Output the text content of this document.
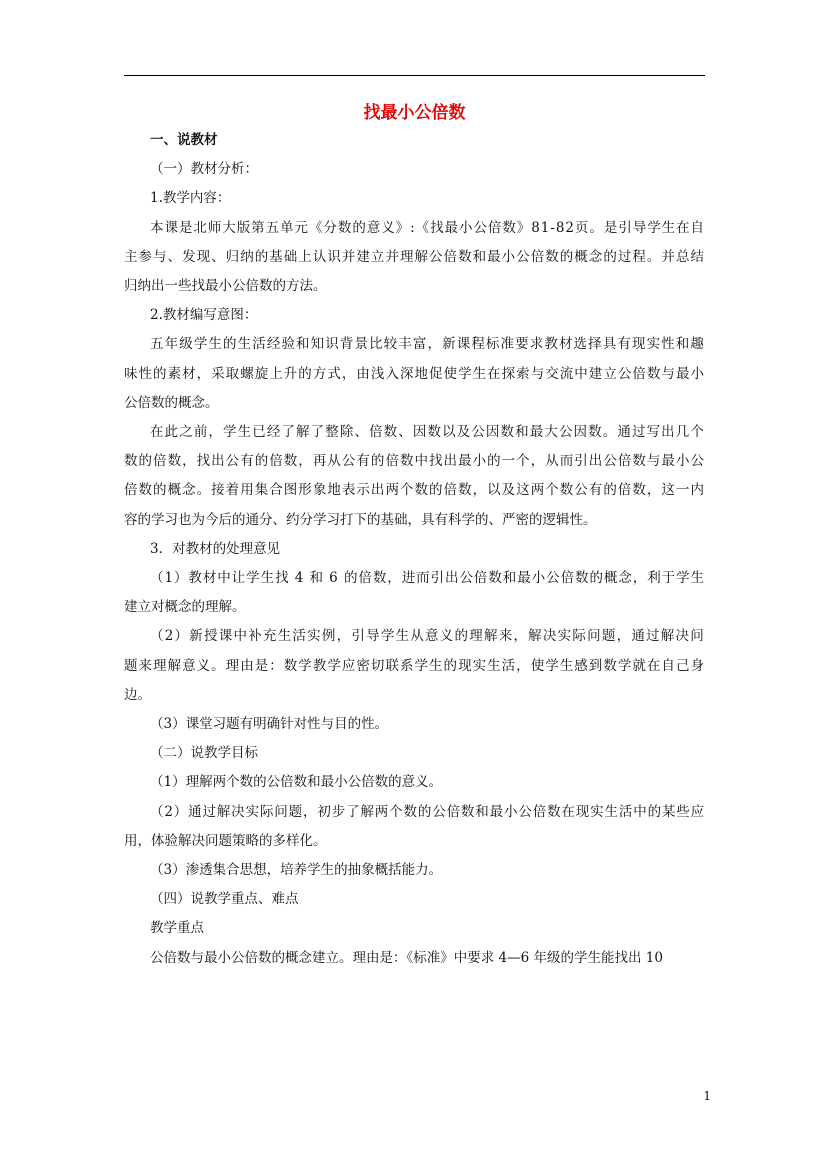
找最小公倍数
一、说教材
（一）教材分析：
1.教学内容：
本课是北师大版第五单元《分数的意义》:《找最小公倍数》81-82页。是引导学生在自
主参与、发现、归纳的基础上认识并建立并理解公倍数和最小公倍数的概念的过程。并总结
归纳出一些找最小公倍数的方法。
2.教材编写意图：
五年级学生的生活经验和知识背景比较丰富，新课程标准要求教材选择具有现实性和趣
味性的素材，采取螺旋上升的方式，由浅入深地促使学生在探索与交流中建立公倍数与最小
公倍数的概念。
在此之前，学生已经了解了整除、倍数、因数以及公因数和最大公因数。通过写出几个
数的倍数，找出公有的倍数，再从公有的倍数中找出最小的一个，从而引出公倍数与最小公
倍数的概念。接着用集合图形象地表示出两个数的倍数，以及这两个数公有的倍数，这一内
容的学习也为今后的通分、约分学习打下的基础，具有科学的、严密的逻辑性。
3．对教材的处理意见
（1）教材中让学生找 4 和 6 的倍数，进而引出公倍数和最小公倍数的概念，利于学生
建立对概念的理解。
（2）新授课中补充生活实例，引导学生从意义的理解来，解决实际问题，通过解决问
题来理解意义。理由是：数学教学应密切联系学生的现实生活，使学生感到数学就在自己身
边。
（3）课堂习题有明确针对性与目的性。
（二）说教学目标
（1）理解两个数的公倍数和最小公倍数的意义。
（2）通过解决实际问题，初步了解两个数的公倍数和最小公倍数在现实生活中的某些应
用，体验解决问题策略的多样化。
（3）渗透集合思想，培养学生的抽象概括能力。
（四）说教学重点、难点
教学重点
公倍数与最小公倍数的概念建立。理由是：《标准》中要求 4—6 年级的学生能找出 10
1
